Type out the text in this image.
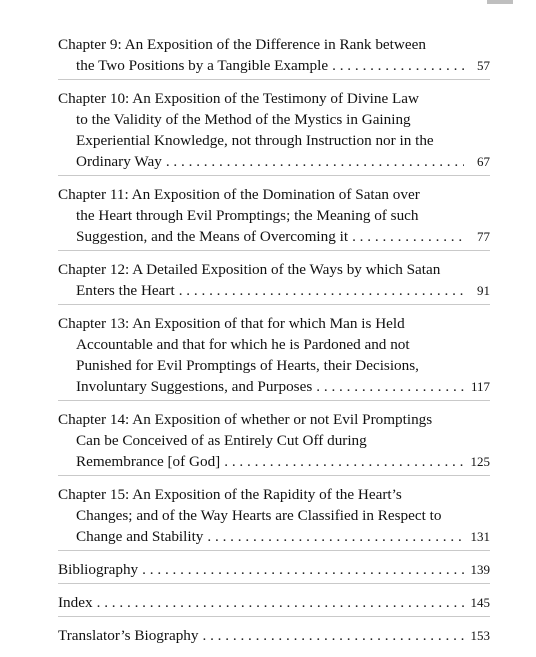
Chapter 9: An Exposition of the Difference in Rank between
the Two Positions by a Tangible Example . . .	57
Chapter 10: An Exposition of the Testimony of Divine Law
to the Validity of the Method of the Mystics in Gaining
Experiential Knowledge, not through Instruction nor in the
Ordinary Way . . .	67
Chapter 11: An Exposition of the Domination of Satan over
the Heart through Evil Promptings; the Meaning of such
Suggestion, and the Means of Overcoming it . . .	77
Chapter 12: A Detailed Exposition of the Ways by which Satan
Enters the Heart . . .	91
Chapter 13: An Exposition of that for which Man is Held
Accountable and that for which he is Pardoned and not
Punished for Evil Promptings of Hearts, their Decisions,
Involuntary Suggestions, and Purposes . . .	117
Chapter 14: An Exposition of whether or not Evil Promptings
Can be Conceived of as Entirely Cut Off during
Remembrance [of God] . . .	125
Chapter 15: An Exposition of the Rapidity of the Heart’s
Changes; and of the Way Hearts are Classified in Respect to
Change and Stability . . .	131
Bibliography . . .	139
Index . . .	145
Translator’s Biography . . .	153
